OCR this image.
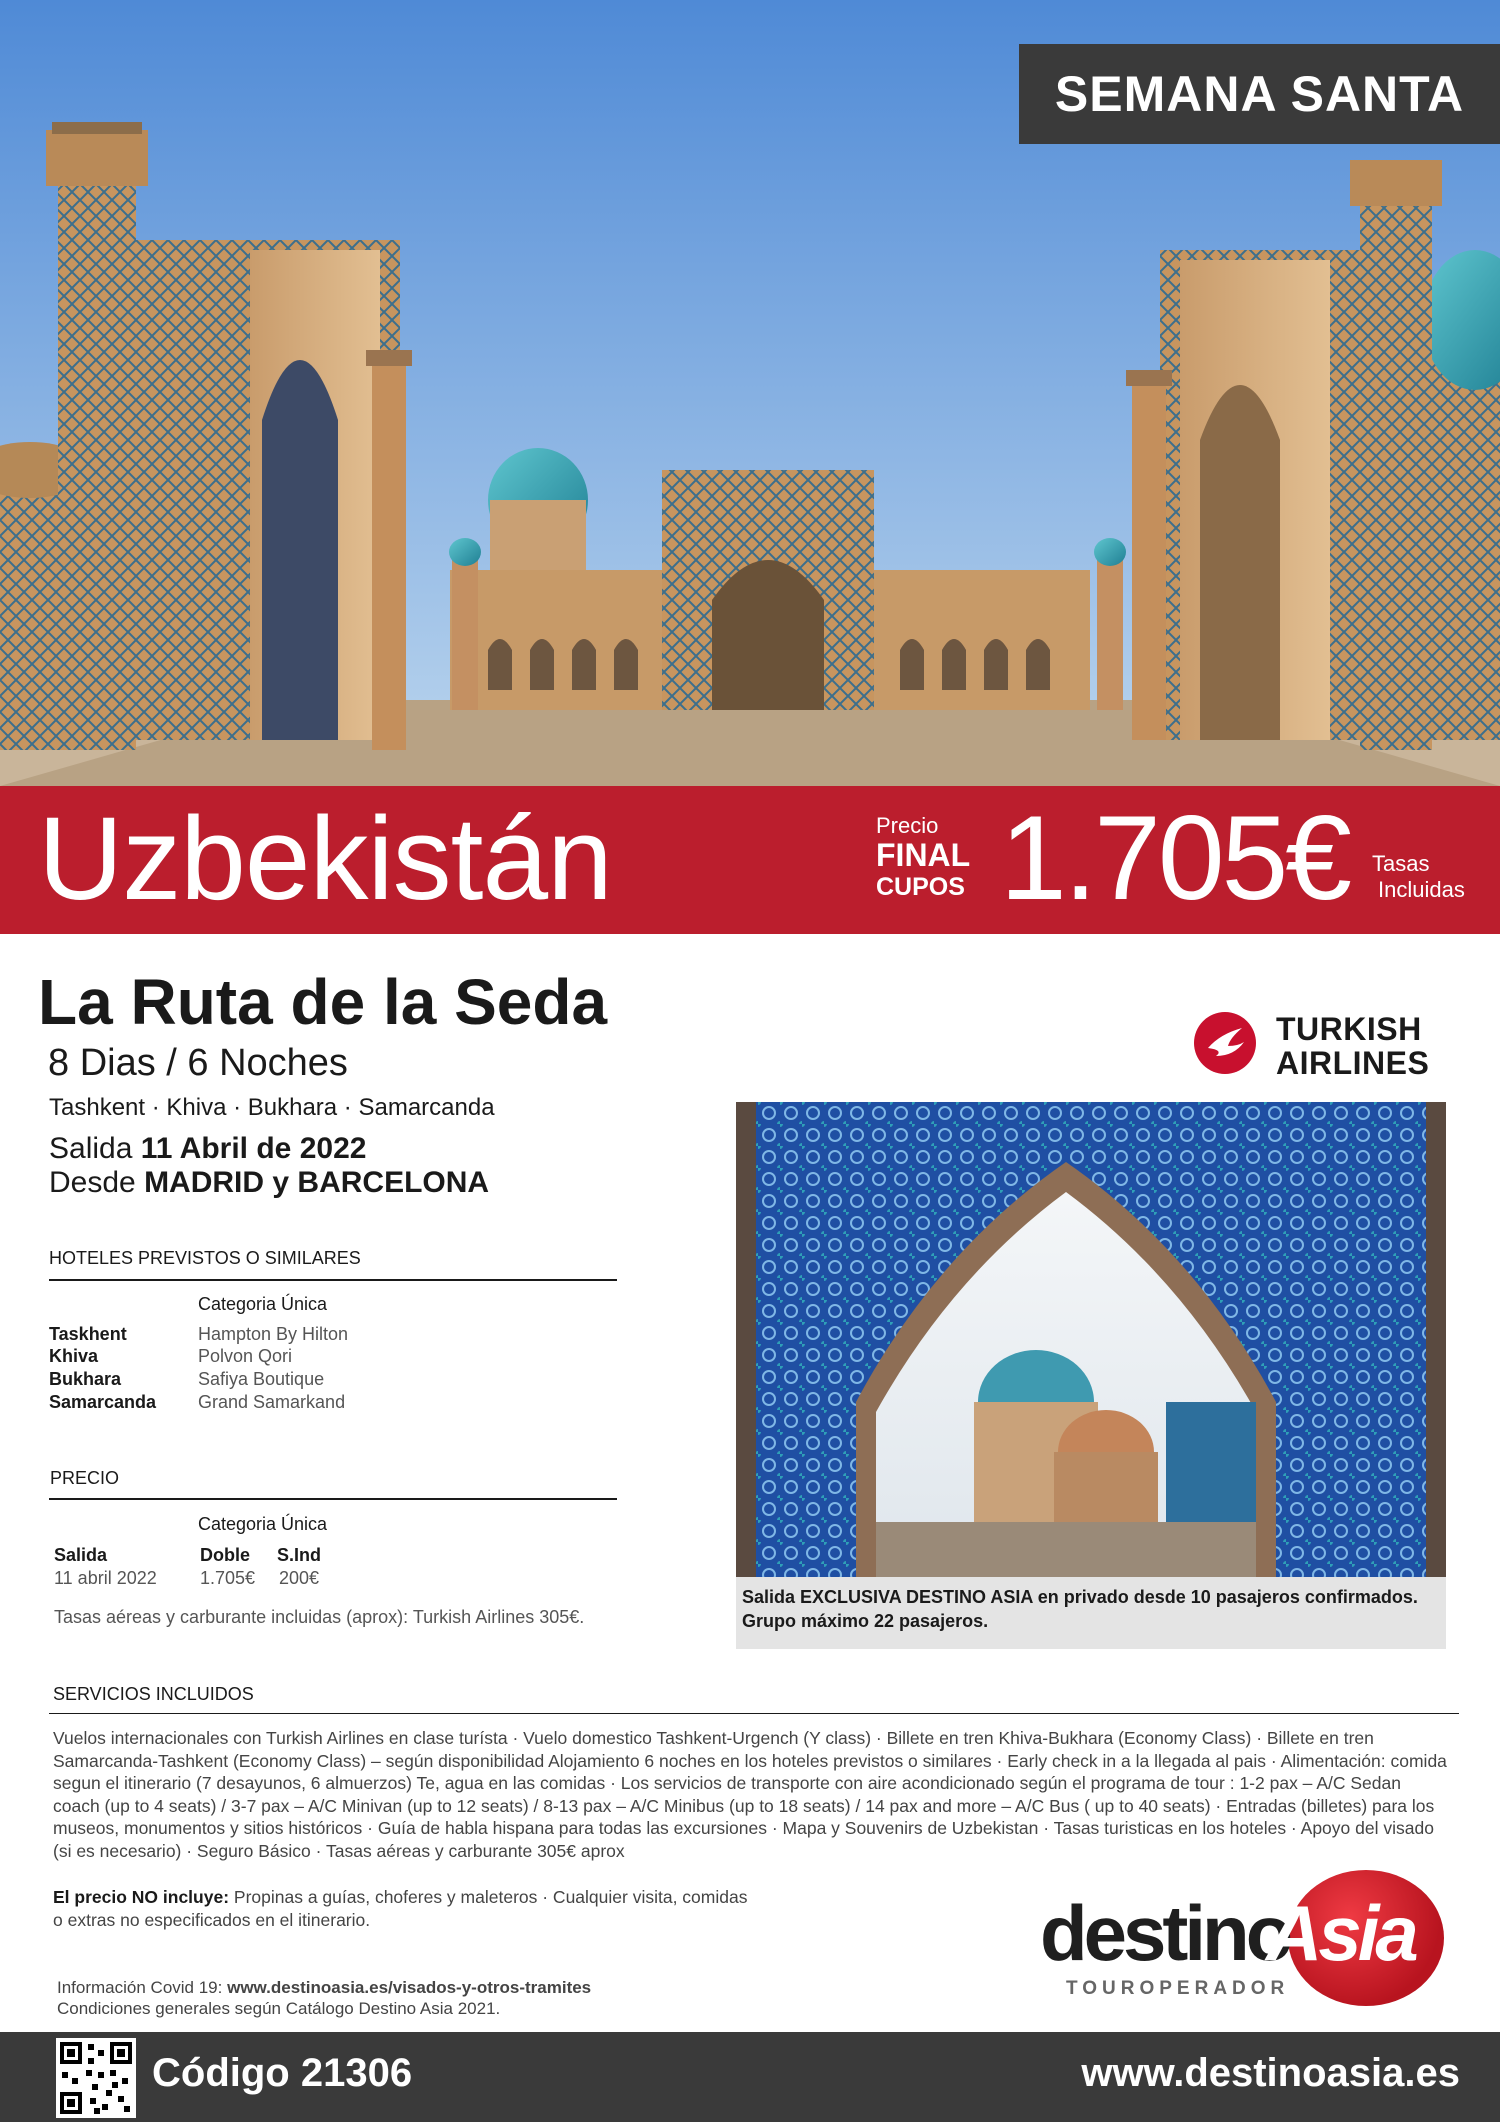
SEMANA SANTA
Uzbekistán	Precio
FINAL
CUPOS 1.705€ Tasas
Incluidas
La Ruta de la Seda
8 Dias / 6 Noches
Tashkent · Khiva · Bukhara · Samarcanda
Salida 11 Abril de 2022
Desde MADRID y BARCELONA
HOTELES PREVISTOS O SIMILARES
Categoria Única
Taskhent	Hampton By Hilton
Khiva	Polvon Qori
Bukhara	Safiya Boutique
Samarcanda Grand Samarkand
PRECIO
Categoria Única
Salida	Doble S.Ind
11 abril 2022 1.705€ 200€
Tasas aéreas y carburante incluidas (aprox): Turkish Airlines 305€.
TURKISH
AIRLINES
Salida EXCLUSIVA DESTINO ASIA en privado desde 10 pasajeros confirmados.
Grupo máximo 22 pasajeros.
SERVICIOS INCLUIDOS
Vuelos internacionales con Turkish Airlines en clase turísta · Vuelo domestico Tashkent-Urgench (Y class) · Billete en tren Khiva-Bukhara (Economy Class) · Billete en tren Samarcanda-Tashkent (Economy Class) – según disponibilidad Alojamiento 6 noches en los hoteles previstos o similares · Early check in a la llegada al pais · Alimentación: comida segun el itinerario (7 desayunos, 6 almuerzos) Te, agua en las comidas · Los servicios de transporte con aire acondicionado según el programa de tour : 1-2 pax – A/C Sedan coach (up to 4 seats) / 3-7 pax – A/C Minivan (up to 12 seats) / 8-13 pax – A/C Minibus (up to 18 seats) / 14 pax and more – A/C Bus ( up to 40 seats) · Entradas (billetes) para los museos, monumentos y sitios históricos · Guía de habla hispana para todas las excursiones · Mapa y Souvenirs de Uzbekistan · Tasas turisticas en los hoteles · Apoyo del visado (si es necesario) · Seguro Básico · Tasas aéreas y carburante 305€ aprox
El precio NO incluye: Propinas a guías, choferes y maleteros · Cualquier visita, comidas o extras no especificados en el itinerario.
Información Covid 19: www.destinoasia.es/visados-y-otros-tramites
Condiciones generales según Catálogo Destino Asia 2021.
destino
Asia
TOUROPERADOR
Código 21306	www.destinoasia.es
